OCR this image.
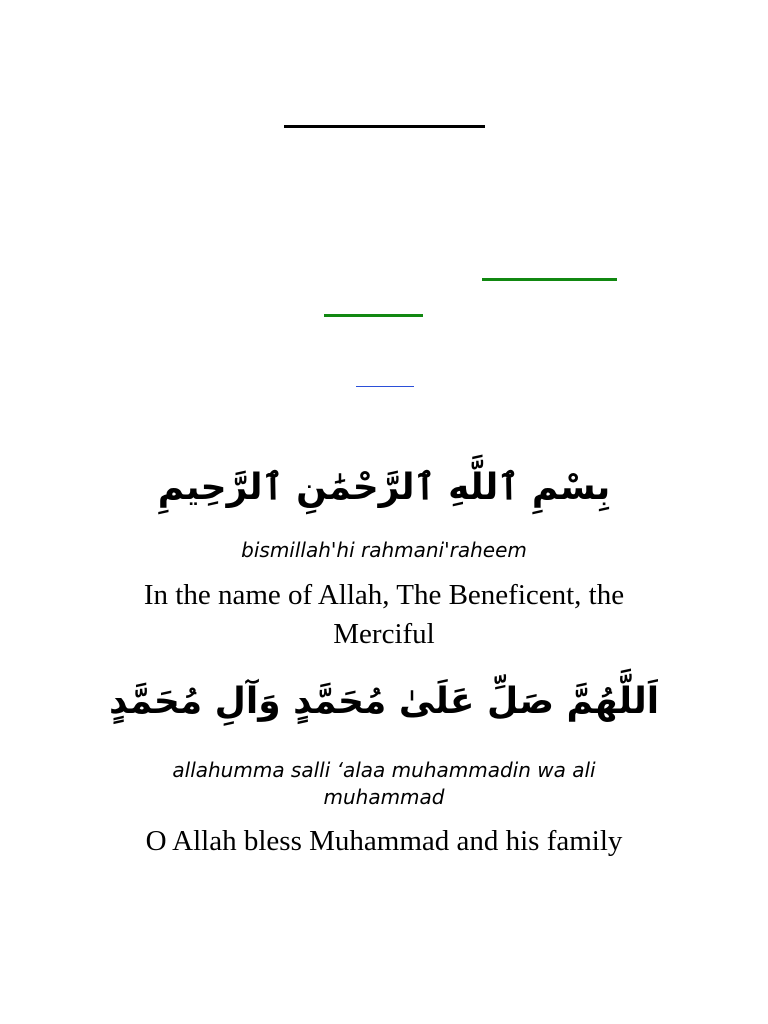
بِسْمِ ٱللَّهِ ٱلرَّحْمَٰنِ ٱلرَّحِيمِ
bismillah'hi rahmani'raheem
In the name of Allah, The Beneficent, the
Merciful
اَللَّهُمَّ صَلِّ عَلَىٰ مُحَمَّدٍ وَآلِ مُحَمَّدٍ
allahumma salli ‘alaa muhammadin wa ali
muhammad
O Allah bless Muhammad and his family
